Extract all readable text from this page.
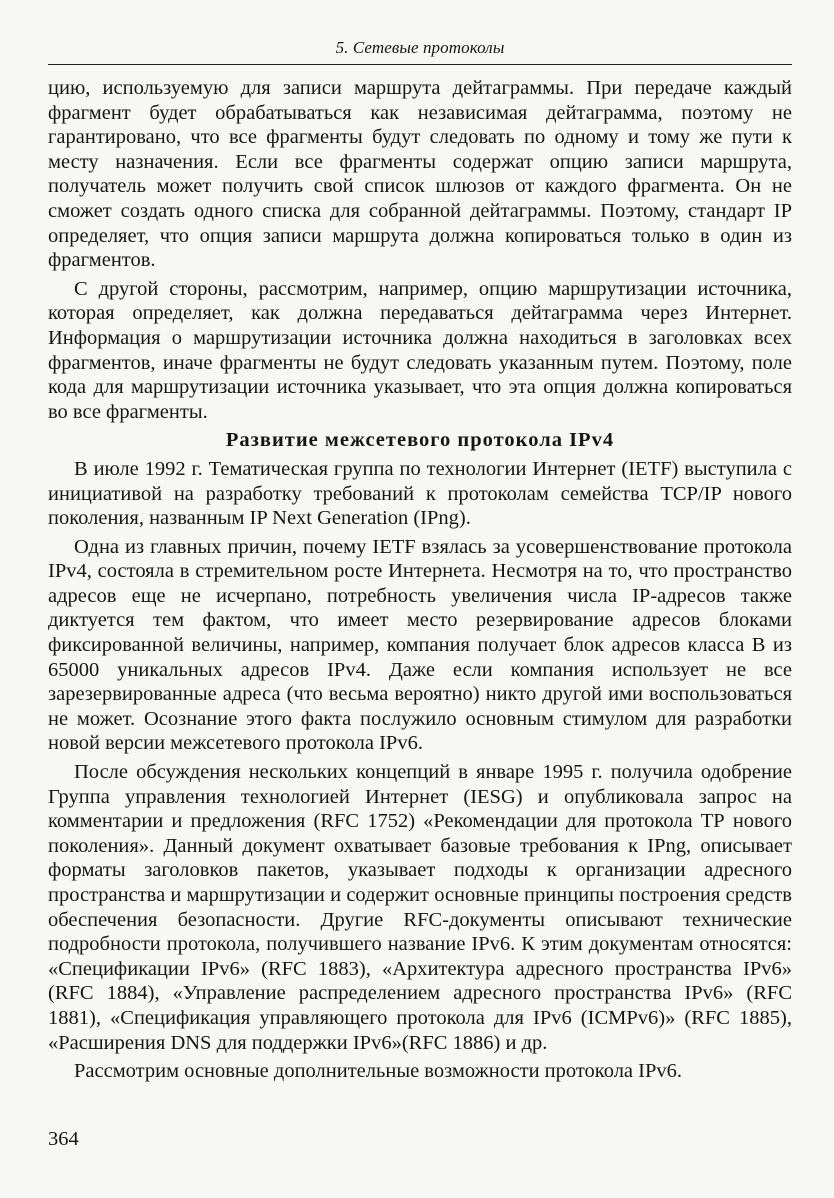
5. Сетевые протоколы

цию, используемую для записи маршрута дейтаграммы. При передаче каждый фрагмент будет обрабатываться как независимая дейтаграмма, поэтому не гарантировано, что все фрагменты будут следовать по одному и тому же пути к месту назначения. Если все фрагменты содержат опцию записи маршрута, получатель может получить свой список шлюзов от каждого фрагмента. Он не сможет создать одного списка для собранной дейтаграммы. Поэтому, стандарт IP определяет, что опция записи маршрута должна копироваться только в один из фрагментов.

С другой стороны, рассмотрим, например, опцию маршрутизации источника, которая определяет, как должна передаваться дейтаграмма через Интернет. Информация о маршрутизации источника должна находиться в заголовках всех фрагментов, иначе фрагменты не будут следовать указанным путем. Поэтому, поле кода для маршрутизации источника указывает, что эта опция должна копироваться во все фрагменты.

Развитие межсетевого протокола IPv4

В июле 1992 г. Тематическая группа по технологии Интернет (IETF) выступила с инициативой на разработку требований к протоколам семейства TCP/IP нового поколения, названным IP Next Generation (IPng).

Одна из главных причин, почему IETF взялась за усовершенствование протокола IPv4, состояла в стремительном росте Интернета. Несмотря на то, что пространство адресов еще не исчерпано, потребность увеличения числа IP-адресов также диктуется тем фактом, что имеет место резервирование адресов блоками фиксированной величины, например, компания получает блок адресов класса В из 65000 уникальных адресов IPv4. Даже если компания использует не все зарезервированные адреса (что весьма вероятно) никто другой ими воспользоваться не может. Осознание этого факта послужило основным стимулом для разработки новой версии межсетевого протокола IPv6.

После обсуждения нескольких концепций в январе 1995 г. получила одобрение Группа управления технологией Интернет (IESG) и опубликовала запрос на комментарии и предложения (RFC 1752) «Рекомендации для протокола ТР нового поколения». Данный документ охватывает базовые требования к IPng, описывает форматы заголовков пакетов, указывает подходы к организации адресного пространства и маршрутизации и содержит основные принципы построения средств обеспечения безопасности. Другие RFC-документы описывают технические подробности протокола, получившего название IPv6. К этим документам относятся: «Спецификации IPv6» (RFC 1883), «Архитектура адресного пространства IPv6» (RFC 1884), «Управление распределением адресного пространства IPv6» (RFC 1881), «Спецификация управляющего протокола для IPv6 (ICMPv6)» (RFC 1885), «Расширения DNS для поддержки IPv6»(RFC 1886) и др.

Рассмотрим основные дополнительные возможности протокола IPv6.

364
